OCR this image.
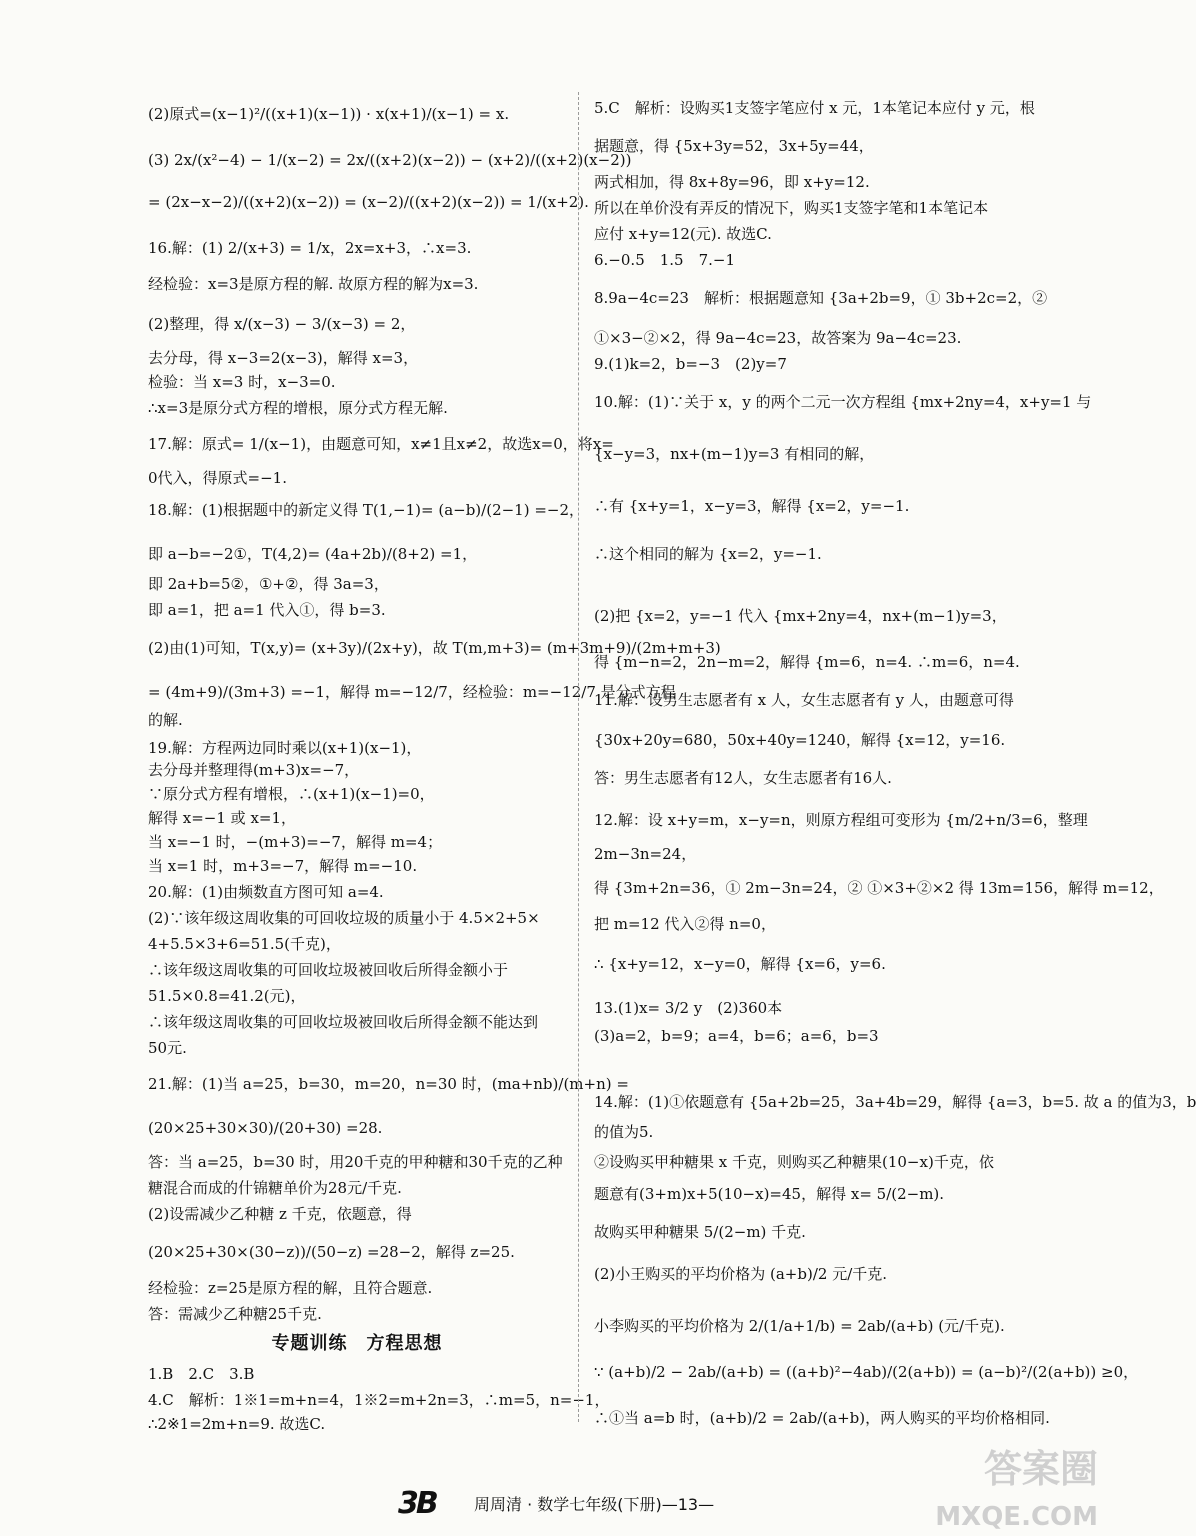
(2)原式=(x−1)²/((x+1)(x−1)) · x(x+1)/(x−1) = x.
(3) 2x/(x²−4) − 1/(x−2) = 2x/((x+2)(x−2)) − (x+2)/((x+2)(x−2))
= (2x−x−2)/((x+2)(x−2)) = (x−2)/((x+2)(x−2)) = 1/(x+2).
16.解：(1) 2/(x+3) = 1/x，2x=x+3，∴x=3.
经检验：x=3是原方程的解. 故原方程的解为x=3.
(2)整理，得 x/(x−3) − 3/(x−3) = 2，
去分母，得 x−3=2(x−3)，解得 x=3，
检验：当 x=3 时，x−3=0.
∴x=3是原分式方程的增根，原分式方程无解.
17.解：原式= 1/(x−1)，由题意可知，x≠1且x≠2，故选x=0，将x=
0代入，得原式=−1.
18.解：(1)根据题中的新定义得 T(1,−1)= (a−b)/(2−1) =−2，
即 a−b=−2①，T(4,2)= (4a+2b)/(8+2) =1，
即 2a+b=5②，①+②，得 3a=3，
即 a=1，把 a=1 代入①，得 b=3.
(2)由(1)可知，T(x,y)= (x+3y)/(2x+y)，故 T(m,m+3)= (m+3m+9)/(2m+m+3)
= (4m+9)/(3m+3) =−1，解得 m=−12/7，经检验：m=−12/7 是分式方程
的解.
19.解：方程两边同时乘以(x+1)(x−1)，
去分母并整理得(m+3)x=−7，
∵原分式方程有增根，∴(x+1)(x−1)=0，
解得 x=−1 或 x=1，
当 x=−1 时，−(m+3)=−7，解得 m=4；
当 x=1 时，m+3=−7，解得 m=−10.
20.解：(1)由频数直方图可知 a=4.
(2)∵该年级这周收集的可回收垃圾的质量小于 4.5×2+5×
4+5.5×3+6=51.5(千克)，
∴该年级这周收集的可回收垃圾被回收后所得金额小于
51.5×0.8=41.2(元)，
∴该年级这周收集的可回收垃圾被回收后所得金额不能达到
50元.
21.解：(1)当 a=25，b=30，m=20，n=30 时，(ma+nb)/(m+n) =
(20×25+30×30)/(20+30) =28.
答：当 a=25，b=30 时，用20千克的甲种糖和30千克的乙种
糖混合而成的什锦糖单价为28元/千克.
(2)设需减少乙种糖 z 千克，依题意，得
(20×25+30×(30−z))/(50−z) =28−2，解得 z=25.
经检验：z=25是原方程的解，且符合题意.
答：需减少乙种糖25千克.
专题训练　方程思想
1.B　2.C　3.B
4.C　解析：1※1=m+n=4，1※2=m+2n=3，∴m=5，n=−1，
∴2※1=2m+n=9. 故选C.
5.C　解析：设购买1支签字笔应付 x 元，1本笔记本应付 y 元，根
据题意，得 {5x+3y=52，3x+5y=44，
两式相加，得 8x+8y=96，即 x+y=12.
所以在单价没有弄反的情况下，购买1支签字笔和1本笔记本
应付 x+y=12(元). 故选C.
6.−0.5　1.5　7.−1
8.9a−4c=23　解析：根据题意知 {3a+2b=9，① 3b+2c=2，②
①×3−②×2，得 9a−4c=23，故答案为 9a−4c=23.
9.(1)k=2，b=−3　(2)y=7
10.解：(1)∵关于 x，y 的两个二元一次方程组 {mx+2ny=4，x+y=1 与
{x−y=3，nx+(m−1)y=3 有相同的解，
∴有 {x+y=1，x−y=3，解得 {x=2，y=−1.
∴这个相同的解为 {x=2，y=−1.
(2)把 {x=2，y=−1 代入 {mx+2ny=4，nx+(m−1)y=3，
得 {m−n=2，2n−m=2，解得 {m=6，n=4. ∴m=6，n=4.
11.解：设男生志愿者有 x 人，女生志愿者有 y 人，由题意可得
{30x+20y=680，50x+40y=1240，解得 {x=12，y=16.
答：男生志愿者有12人，女生志愿者有16人.
12.解：设 x+y=m，x−y=n，则原方程组可变形为 {m/2+n/3=6，整理
2m−3n=24，
得 {3m+2n=36，① 2m−3n=24，② ①×3+②×2 得 13m=156，解得 m=12，
把 m=12 代入②得 n=0，
∴ {x+y=12，x−y=0，解得 {x=6，y=6.
13.(1)x= 3/2 y　(2)360本
(3)a=2，b=9；a=4，b=6；a=6，b=3
14.解：(1)①依题意有 {5a+2b=25，3a+4b=29，解得 {a=3，b=5. 故 a 的值为3，b
的值为5.
②设购买甲种糖果 x 千克，则购买乙种糖果(10−x)千克，依
题意有(3+m)x+5(10−x)=45，解得 x= 5/(2−m).
故购买甲种糖果 5/(2−m) 千克.
(2)小王购买的平均价格为 (a+b)/2 元/千克.
小李购买的平均价格为 2/(1/a+1/b) = 2ab/(a+b) (元/千克).
∵ (a+b)/2 − 2ab/(a+b) = ((a+b)²−4ab)/(2(a+b)) = (a−b)²/(2(a+b)) ≥0，
∴①当 a=b 时，(a+b)/2 = 2ab/(a+b)，两人购买的平均价格相同.
3B	周周清 · 数学七年级(下册)—13—
答案圈
MXQE.COM
